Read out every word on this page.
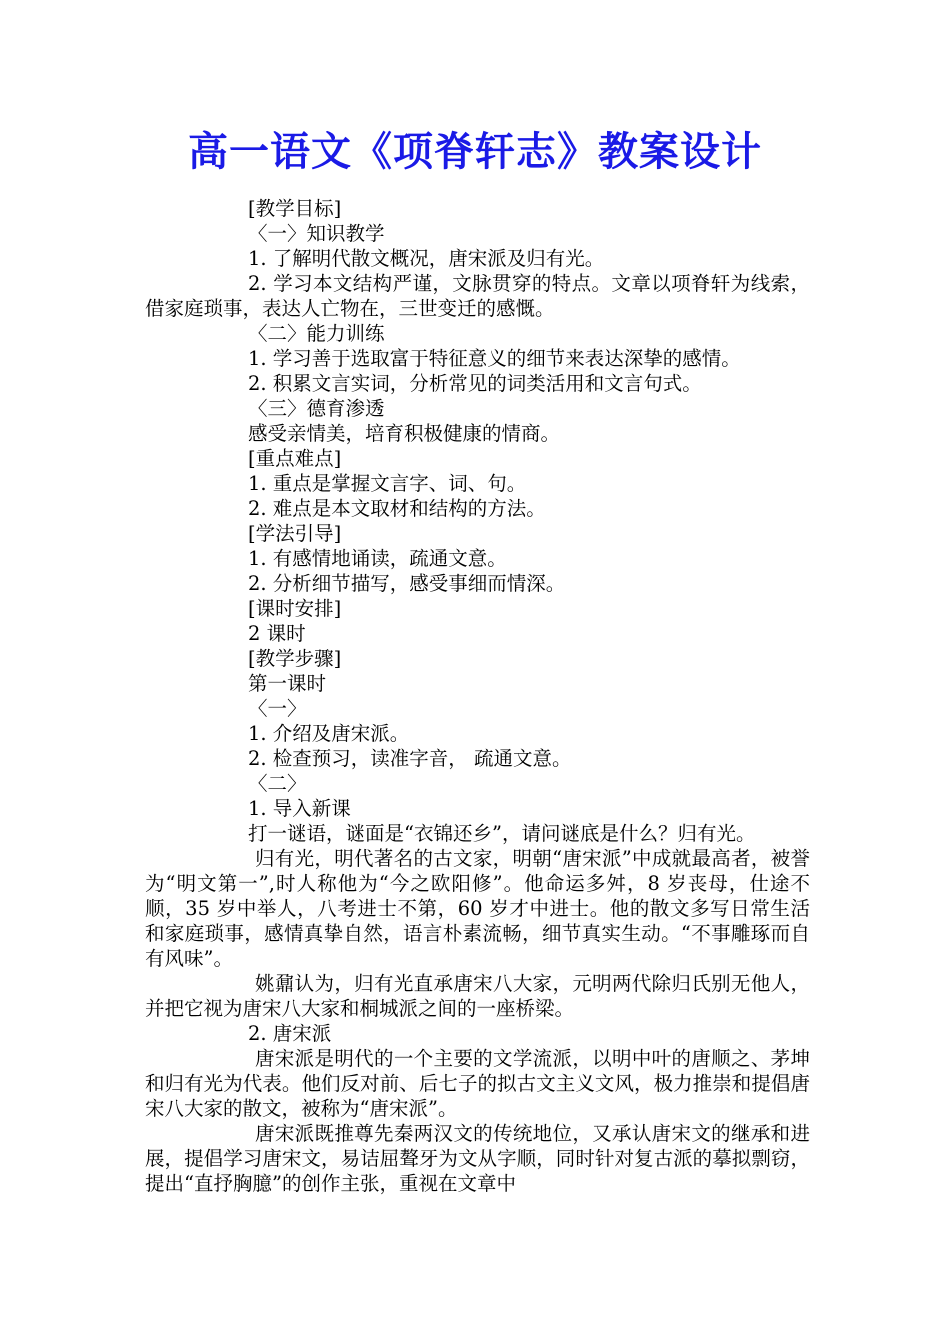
高一语文《项脊轩志》教案设计
[教学目标]
〈一〉知识教学
1. 了解明代散文概况，唐宋派及归有光。
2. 学习本文结构严谨，文脉贯穿的特点。文章以项脊轩为线索，借家庭琐事，表达人亡物在，三世变迁的感慨。
〈二〉能力训练
1. 学习善于选取富于特征意义的细节来表达深挚的感情。
2. 积累文言实词，分析常见的词类活用和文言句式。
〈三〉德育渗透
感受亲情美，培育积极健康的情商。
[重点难点]
1. 重点是掌握文言字、词、句。
2. 难点是本文取材和结构的方法。
[学法引导]
1. 有感情地诵读，疏通文意。
2. 分析细节描写，感受事细而情深。
[课时安排]
2 课时
[教学步骤]
第一课时
〈一〉
1. 介绍及唐宋派。
2. 检查预习，读准字音， 疏通文意。
〈二〉
1. 导入新课
打一谜语，谜面是“衣锦还乡”，请问谜底是什么？归有光。
归有光，明代著名的古文家，明朝“唐宋派”中成就最高者，被誉为“明文第一”,时人称他为“今之欧阳修”。他命运多舛，8 岁丧母，仕途不顺，35 岁中举人，八考进士不第，60 岁才中进士。他的散文多写日常生活和家庭琐事，感情真挚自然，语言朴素流畅，细节真实生动。“不事雕琢而自有风味”。
姚鼐认为，归有光直承唐宋八大家，元明两代除归氏别无他人，并把它视为唐宋八大家和桐城派之间的一座桥梁。
2. 唐宋派
唐宋派是明代的一个主要的文学流派，以明中叶的唐顺之、茅坤和归有光为代表。他们反对前、后七子的拟古文主义文风，极力推崇和提倡唐宋八大家的散文，被称为“唐宋派”。
唐宋派既推尊先秦两汉文的传统地位，又承认唐宋文的继承和进展，提倡学习唐宋文，易诘屈聱牙为文从字顺，同时针对复古派的摹拟剽窃，提出“直抒胸臆”的创作主张，重视在文章中
